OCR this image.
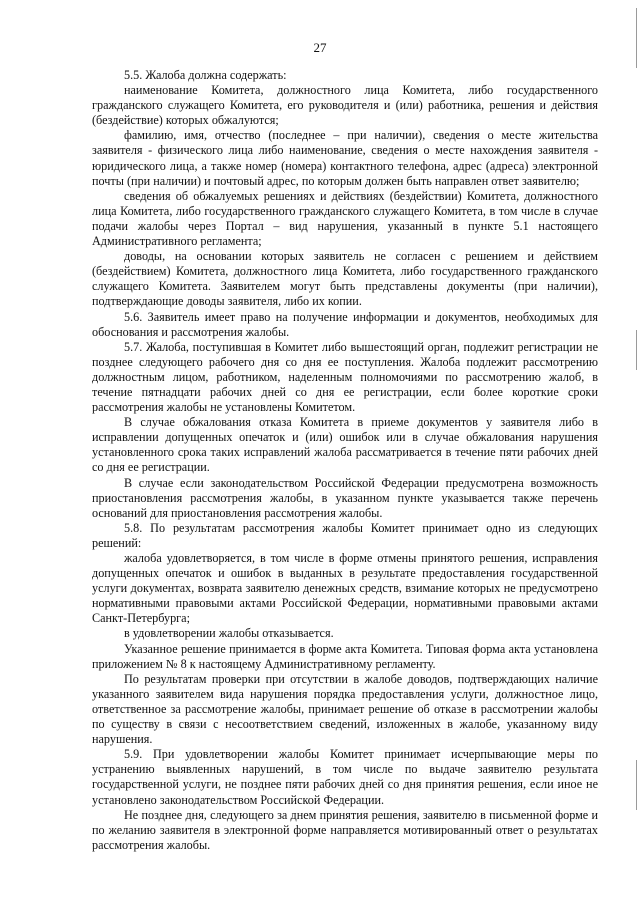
27

5.5. Жалоба должна содержать:

наименование Комитета, должностного лица Комитета, либо государственного гражданского служащего Комитета, его руководителя и (или) работника, решения и действия (бездействие) которых обжалуются;

фамилию, имя, отчество (последнее – при наличии), сведения о месте жительства заявителя - физического лица либо наименование, сведения о месте нахождения заявителя - юридического лица, а также номер (номера) контактного телефона, адрес (адреса) электронной почты (при наличии) и почтовый адрес, по которым должен быть направлен ответ заявителю;

сведения об обжалуемых решениях и действиях (бездействии) Комитета, должностного лица Комитета, либо государственного гражданского служащего Комитета, в том числе в случае подачи жалобы через Портал – вид нарушения, указанный в пункте 5.1 настоящего Административного регламента;

доводы, на основании которых заявитель не согласен с решением и действием (бездействием) Комитета, должностного лица Комитета, либо государственного гражданского служащего Комитета. Заявителем могут быть представлены документы (при наличии), подтверждающие доводы заявителя, либо их копии.

5.6. Заявитель имеет право на получение информации и документов, необходимых для обоснования и рассмотрения жалобы.

5.7. Жалоба, поступившая в Комитет либо вышестоящий орган, подлежит регистрации не позднее следующего рабочего дня со дня ее поступления. Жалоба подлежит рассмотрению должностным лицом, работником, наделенным полномочиями по рассмотрению жалоб, в течение пятнадцати рабочих дней со дня ее регистрации, если более короткие сроки рассмотрения жалобы не установлены Комитетом.

В случае обжалования отказа Комитета в приеме документов у заявителя либо в исправлении допущенных опечаток и (или) ошибок или в случае обжалования нарушения установленного срока таких исправлений жалоба рассматривается в течение пяти рабочих дней со дня ее регистрации.

В случае если законодательством Российской Федерации предусмотрена возможность приостановления рассмотрения жалобы, в указанном пункте указывается также перечень оснований для приостановления рассмотрения жалобы.

5.8. По результатам рассмотрения жалобы Комитет принимает одно из следующих решений:

жалоба удовлетворяется, в том числе в форме отмены принятого решения, исправления допущенных опечаток и ошибок в выданных в результате предоставления государственной услуги документах, возврата заявителю денежных средств, взимание которых не предусмотрено нормативными правовыми актами Российской Федерации, нормативными правовыми актами Санкт-Петербурга;

в удовлетворении жалобы отказывается.

Указанное решение принимается в форме акта Комитета. Типовая форма акта установлена приложением № 8 к настоящему Административному регламенту.

По результатам проверки при отсутствии в жалобе доводов, подтверждающих наличие указанного заявителем вида нарушения порядка предоставления услуги, должностное лицо, ответственное за рассмотрение жалобы, принимает решение об отказе в рассмотрении жалобы по существу в связи с несоответствием сведений, изложенных в жалобе, указанному виду нарушения.

5.9. При удовлетворении жалобы Комитет принимает исчерпывающие меры по устранению выявленных нарушений, в том числе по выдаче заявителю результата государственной услуги, не позднее пяти рабочих дней со дня принятия решения, если иное не установлено законодательством Российской Федерации.

Не позднее дня, следующего за днем принятия решения, заявителю в письменной форме и по желанию заявителя в электронной форме направляется мотивированный ответ о результатах рассмотрения жалобы.
